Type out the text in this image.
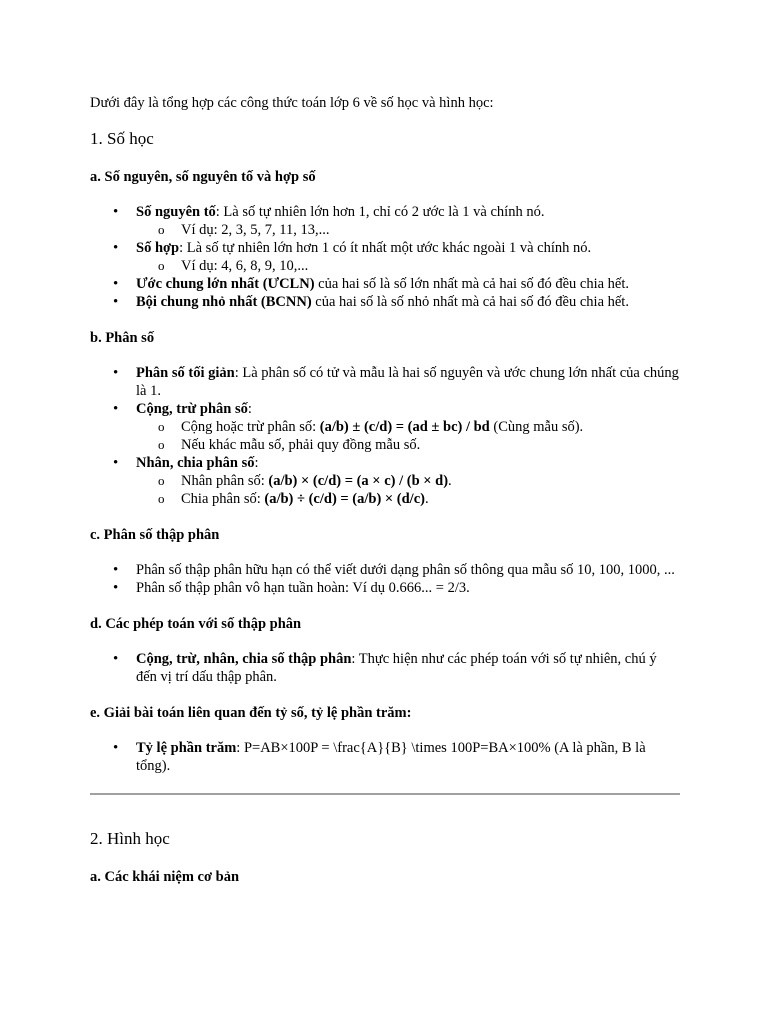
Dưới đây là tổng hợp các công thức toán lớp 6 về số học và hình học:

1. Số học
a. Số nguyên, số nguyên tố và hợp số
• Số nguyên tố: Là số tự nhiên lớn hơn 1, chỉ có 2 ước là 1 và chính nó.
o Ví dụ: 2, 3, 5, 7, 11, 13,...
• Số hợp: Là số tự nhiên lớn hơn 1 có ít nhất một ước khác ngoài 1 và chính nó.
o Ví dụ: 4, 6, 8, 9, 10,...
• Ước chung lớn nhất (ƯCLN) của hai số là số lớn nhất mà cả hai số đó đều chia hết.
• Bội chung nhỏ nhất (BCNN) của hai số là số nhỏ nhất mà cả hai số đó đều chia hết.
b. Phân số
• Phân số tối giản: Là phân số có tử và mẫu là hai số nguyên và ước chung lớn nhất của chúng là 1.
• Cộng, trừ phân số:
o Cộng hoặc trừ phân số: (a/b) ± (c/d) = (ad ± bc) / bd (Cùng mẫu số).
o Nếu khác mẫu số, phải quy đồng mẫu số.
• Nhân, chia phân số:
o Nhân phân số: (a/b) × (c/d) = (a × c) / (b × d).
o Chia phân số: (a/b) ÷ (c/d) = (a/b) × (d/c).
c. Phân số thập phân
• Phân số thập phân hữu hạn có thể viết dưới dạng phân số thông qua mẫu số 10, 100, 1000, ...
• Phân số thập phân vô hạn tuần hoàn: Ví dụ 0.666... = 2/3.
d. Các phép toán với số thập phân
• Cộng, trừ, nhân, chia số thập phân: Thực hiện như các phép toán với số tự nhiên, chú ý đến vị trí dấu thập phân.
e. Giải bài toán liên quan đến tỷ số, tỷ lệ phần trăm:
• Tỷ lệ phần trăm: P=AB×100P = \frac{A}{B} \times 100P=BA×100% (A là phần, B là tổng).
2. Hình học
a. Các khái niệm cơ bản
